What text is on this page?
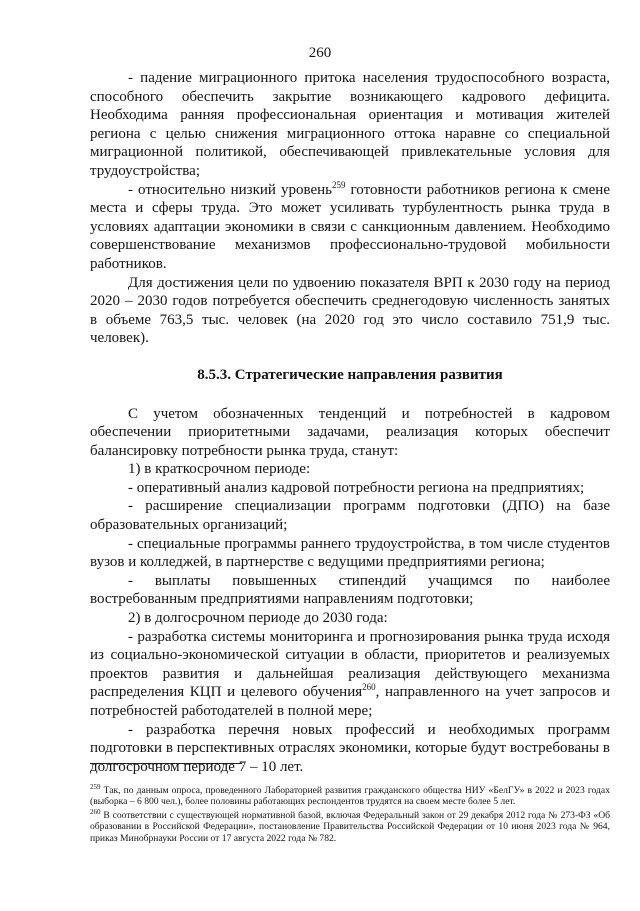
260

- падение миграционного притока населения трудоспособного возраста, способного обеспечить закрытие возникающего кадрового дефицита. Необходима ранняя профессиональная ориентация и мотивация жителей региона с целью снижения миграционного оттока наравне со специальной миграционной политикой, обеспечивающей привлекательные условия для трудоустройства;

- относительно низкий уровень$^{259}$ готовности работников региона к смене места и сферы труда. Это может усиливать турбулентность рынка труда в условиях адаптации экономики в связи с санкционным давлением. Необходимо совершенствование механизмов профессионально-трудовой мобильности работников.

Для достижения цели по удвоению показателя ВРП к 2030 году на период 2020 – 2030 годов потребуется обеспечить среднегодовую численность занятых в объеме 763,5 тыс. человек (на 2020 год это число составило 751,9 тыс. человек).

8.5.3. Стратегические направления развития

С учетом обозначенных тенденций и потребностей в кадровом обеспечении приоритетными задачами, реализация которых обеспечит балансировку потребности рынка труда, станут:

1) в краткосрочном периоде:

- оперативный анализ кадровой потребности региона на предприятиях;

- расширение специализации программ подготовки (ДПО) на базе образовательных организаций;

- специальные программы раннего трудоустройства, в том числе студентов вузов и колледжей, в партнерстве с ведущими предприятиями региона;

- выплаты повышенных стипендий учащимся по наиболее востребованным предприятиями направлениям подготовки;

2) в долгосрочном периоде до 2030 года:

- разработка системы мониторинга и прогнозирования рынка труда исходя из социально-экономической ситуации в области, приоритетов и реализуемых проектов развития и дальнейшая реализация действующего механизма распределения КЦП и целевого обучения$^{260}$, направленного на учет запросов и потребностей работодателей в полной мере;

- разработка перечня новых профессий и необходимых программ подготовки в перспективных отраслях экономики, которые будут востребованы в долгосрочном периоде 7 – 10 лет.

$^{259}$ Так, по данным опроса, проведенного Лабораторией развития гражданского общества НИУ «БелГУ» в 2022 и 2023 годах (выборка – 6 800 чел.), более половины работающих респондентов трудятся на своем месте более 5 лет.

$^{260}$ В соответствии с существующей нормативной базой, включая Федеральный закон от 29 декабря 2012 года № 273-ФЗ «Об образовании в Российской Федерации», постановление Правительства Российской Федерации от 10 июня 2023 года № 964, приказ Минобрнауки России от 17 августа 2022 года № 782.
